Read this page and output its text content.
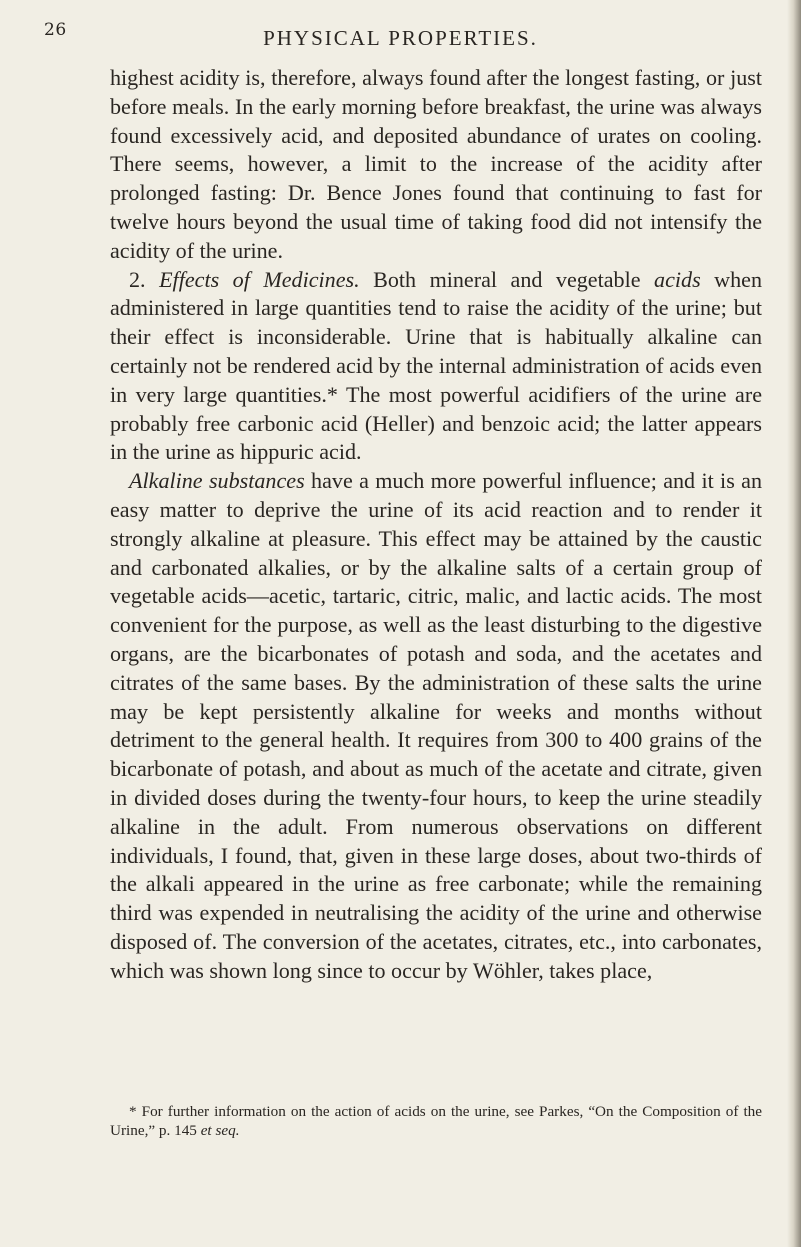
26	PHYSICAL PROPERTIES.

highest acidity is, therefore, always found after the longest fasting, or just before meals. In the early morning before breakfast, the urine was always found excessively acid, and deposited abundance of urates on cooling. There seems, however, a limit to the increase of the acidity after prolonged fasting: Dr. Bence Jones found that continuing to fast for twelve hours beyond the usual time of taking food did not intensify the acidity of the urine.

2. Effects of Medicines. Both mineral and vegetable acids when administered in large quantities tend to raise the acidity of the urine; but their effect is inconsiderable. Urine that is habitually alkaline can certainly not be rendered acid by the internal administration of acids even in very large quantities.* The most powerful acidifiers of the urine are probably free carbonic acid (Heller) and benzoic acid; the latter appears in the urine as hippuric acid.

Alkaline substances have a much more powerful influence; and it is an easy matter to deprive the urine of its acid reaction and to render it strongly alkaline at pleasure. This effect may be attained by the caustic and carbonated alkalies, or by the alkaline salts of a certain group of vegetable acids—acetic, tartaric, citric, malic, and lactic acids. The most convenient for the purpose, as well as the least disturbing to the digestive organs, are the bicarbonates of potash and soda, and the acetates and citrates of the same bases. By the administration of these salts the urine may be kept persistently alkaline for weeks and months without detriment to the general health. It requires from 300 to 400 grains of the bicarbonate of potash, and about as much of the acetate and citrate, given in divided doses during the twenty-four hours, to keep the urine steadily alkaline in the adult. From numerous observations on different individuals, I found, that, given in these large doses, about two-thirds of the alkali appeared in the urine as free carbonate; while the remaining third was expended in neutralising the acidity of the urine and otherwise disposed of. The conversion of the acetates, citrates, etc., into carbonates, which was shown long since to occur by Wöhler, takes place,

* For further information on the action of acids on the urine, see Parkes, “On the Composition of the Urine,” p. 145 et seq.
